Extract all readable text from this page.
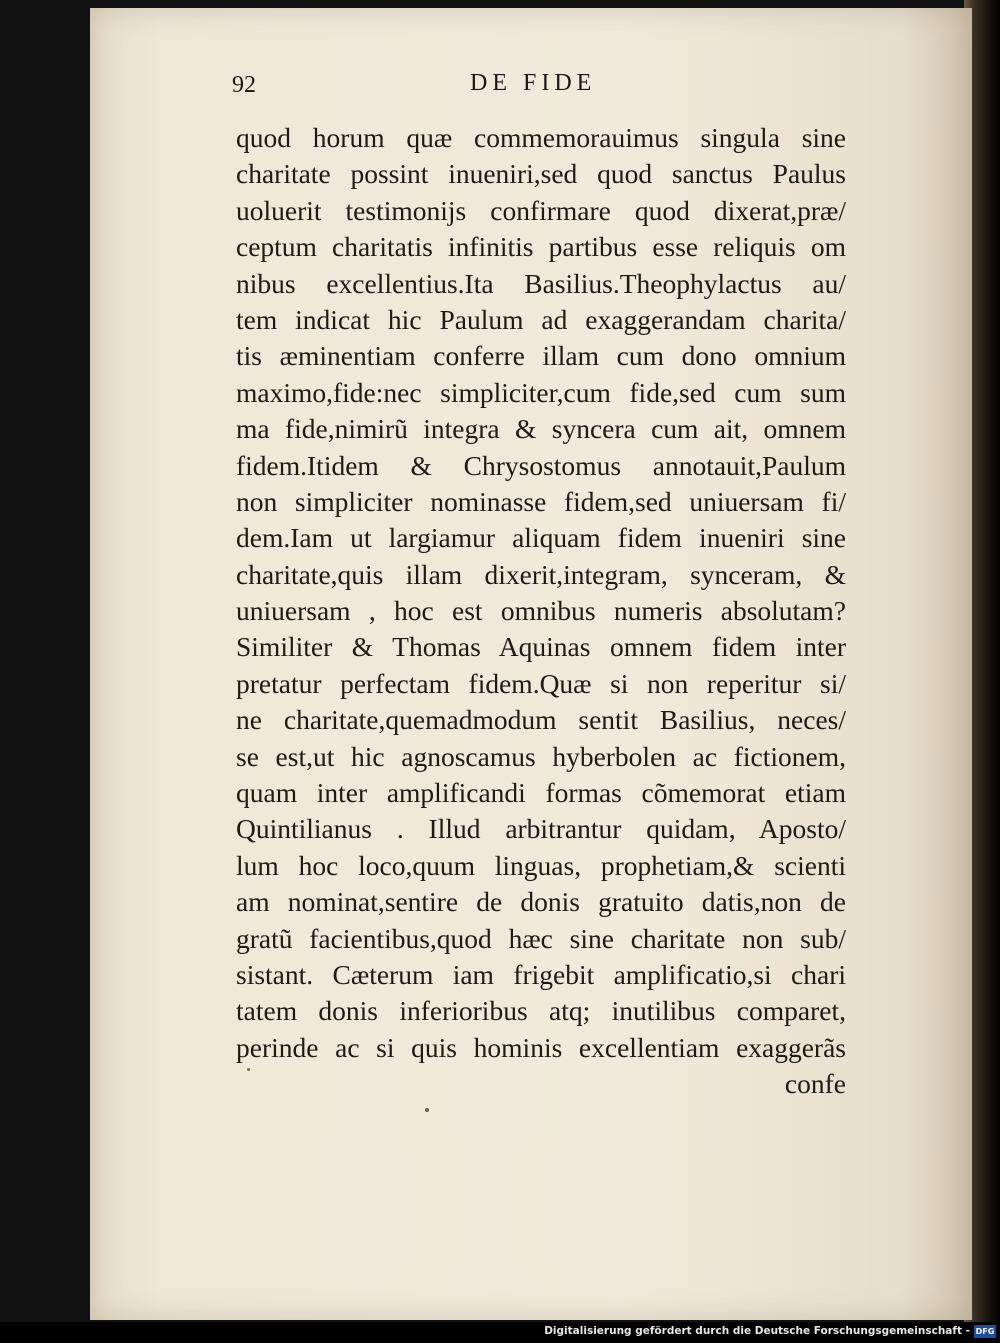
92	DE FIDE
quod horum quæ commemorauimus singula sine
charitate possint inueniri,sed quod sanctus Paulus
uoluerit testimonijs confirmare quod dixerat,præ/
ceptum charitatis infinitis partibus esse reliquis om
nibus excellentius.Ita Basilius.Theophylactus au/
tem indicat hic Paulum ad exaggerandam charita/
tis æminentiam conferre illam cum dono omnium
maximo,fide:nec simpliciter,cum fide,sed cum sum
ma fide,nimirũ integra & syncera cum ait, omnem
fidem.Itidem & Chrysostomus annotauit,Paulum
non simpliciter nominasse fidem,sed uniuersam fi/
dem.Iam ut largiamur aliquam fidem inueniri sine
charitate,quis illam dixerit,integram, synceram, &
uniuersam , hoc est omnibus numeris absolutam?
Similiter & Thomas Aquinas omnem fidem inter
pretatur perfectam fidem.Quæ si non reperitur si/
ne charitate,quemadmodum sentit Basilius, neces/
se est,ut hic agnoscamus hyberbolen ac fictionem,
quam inter amplificandi formas cõmemorat etiam
Quintilianus . Illud arbitrantur quidam, Aposto/
lum hoc loco,quum linguas, prophetiam,& scienti
am nominat,sentire de donis gratuito datis,non de
gratũ facientibus,quod hæc sine charitate non sub/
sistant. Cæterum iam frigebit amplificatio,si chari
tatem donis inferioribus atq; inutilibus comparet,
perinde ac si quis hominis excellentiam exaggerãs
confe
Digitalisierung gefördert durch die Deutsche Forschungsgemeinschaft - DFG
